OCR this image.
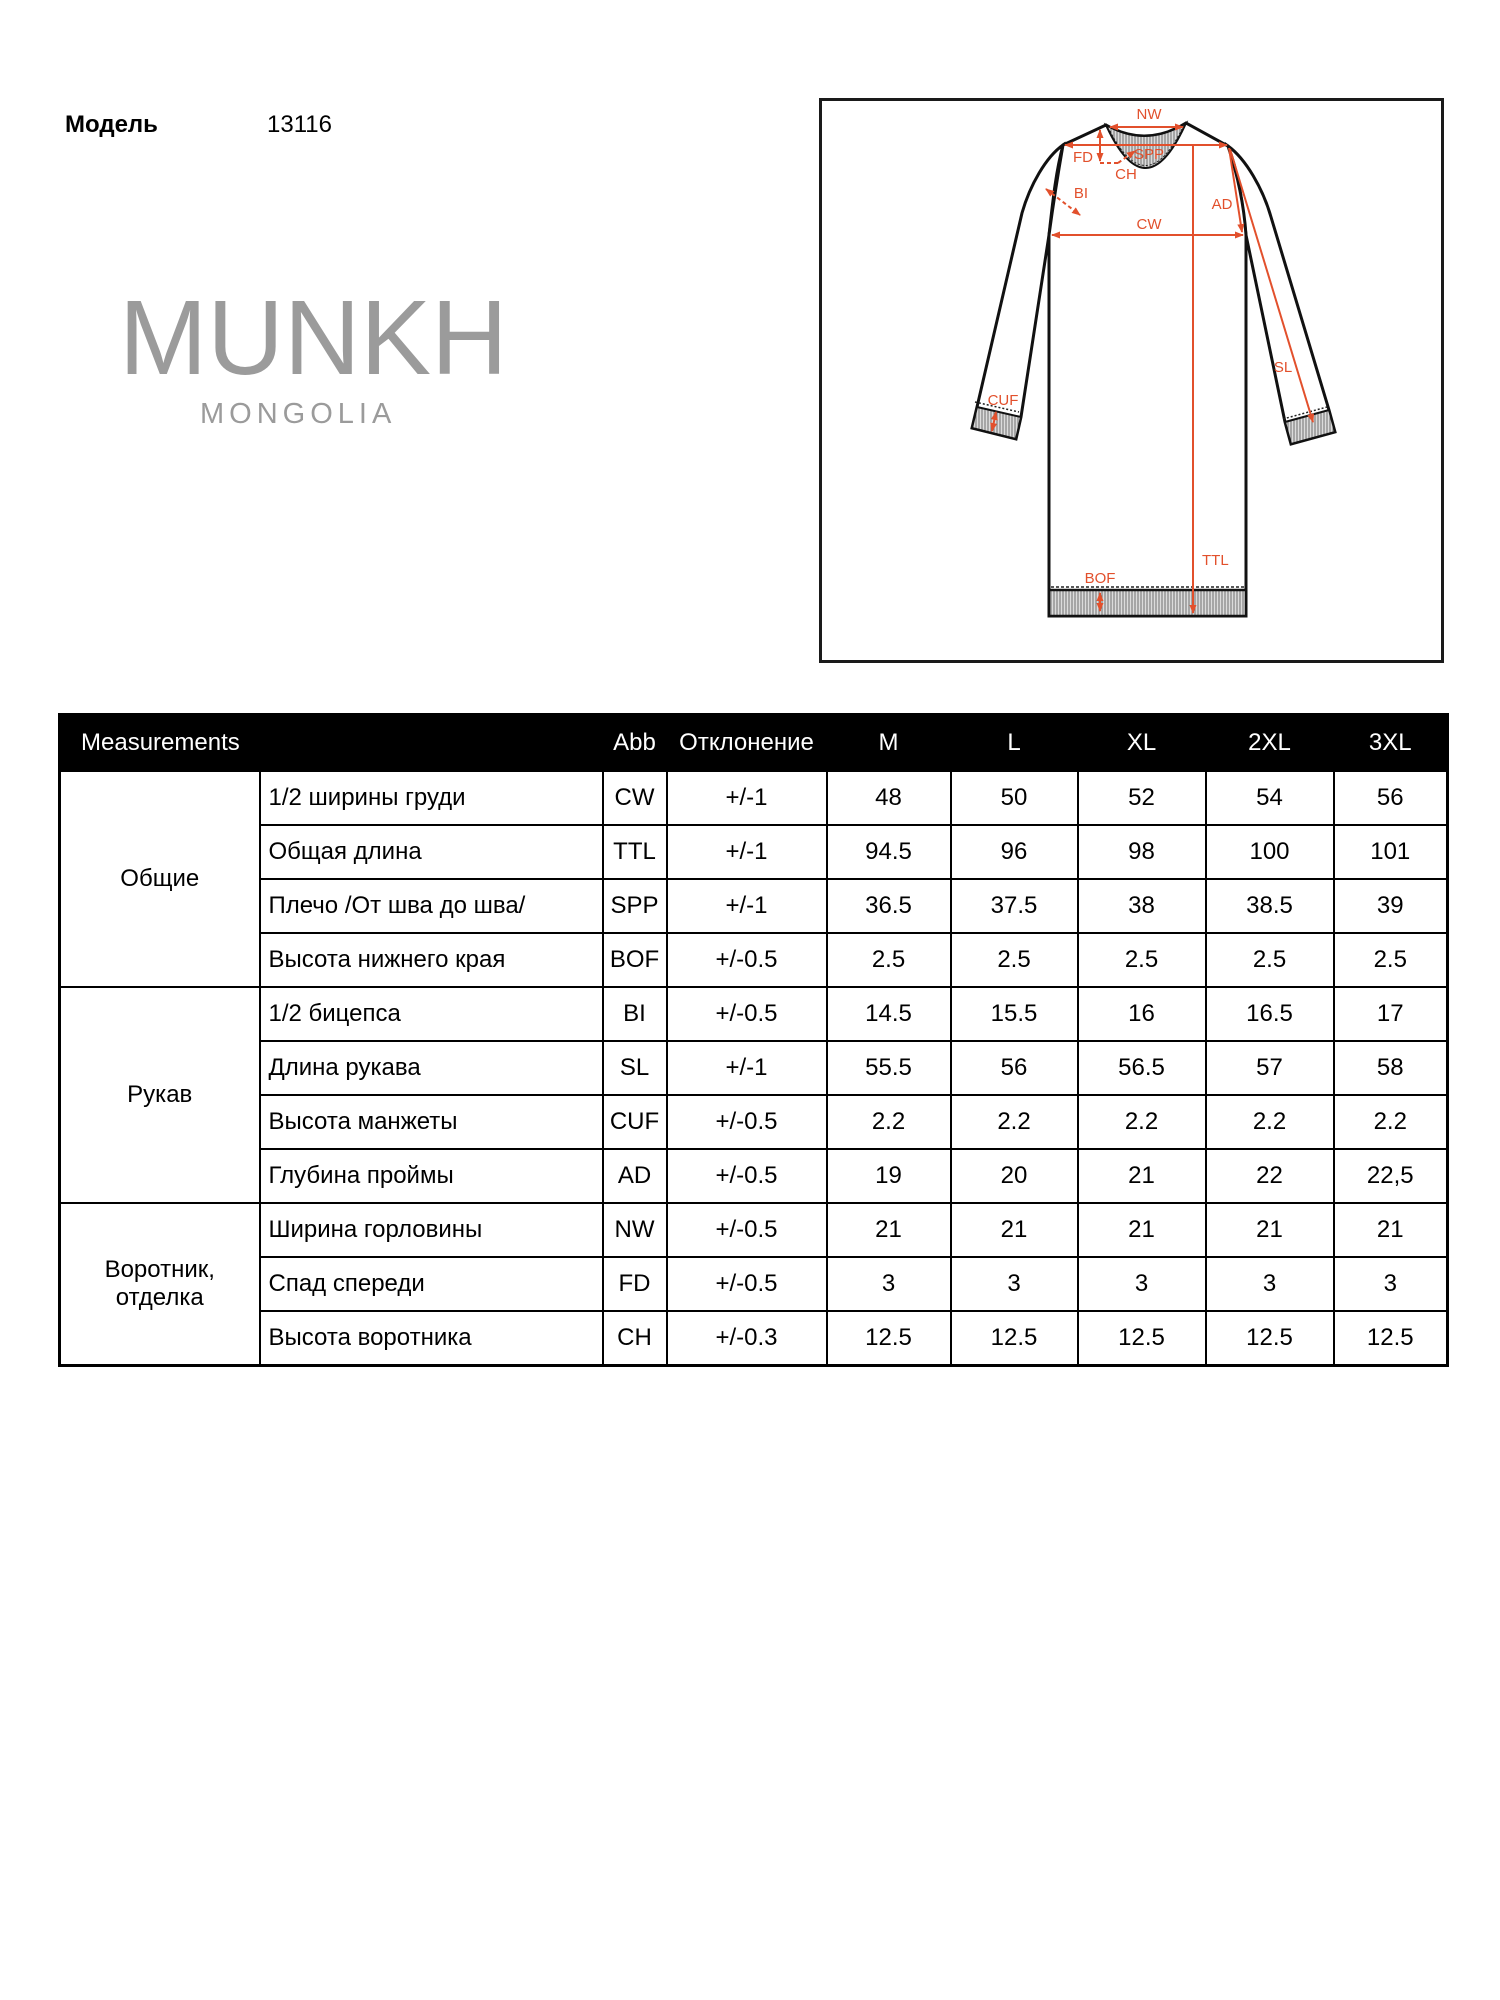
Модель	13116
MUNKH
MONGOLIA
NW
SPP
FD
CH
BI
AD
CW
SL
TTL
BOF
CUF
Measurements		Abb	Отклонение	M	L	XL	2XL	3XL
Общие	1/2 ширины груди	CW	+/-1	48	50	52	54	56
	Общая длина	TTL	+/-1	94.5	96	98	100	101
	Плечо /От шва до шва/	SPP	+/-1	36.5	37.5	38	38.5	39
	Высота нижнего края	BOF	+/-0.5	2.5	2.5	2.5	2.5	2.5
Рукав	1/2 бицепса	BI	+/-0.5	14.5	15.5	16	16.5	17
	Длина рукава	SL	+/-1	55.5	56	56.5	57	58
	Высота манжеты	CUF	+/-0.5	2.2	2.2	2.2	2.2	2.2
	Глубина проймы	AD	+/-0.5	19	20	21	22	22,5
Воротник, отделка	Ширина горловины	NW	+/-0.5	21	21	21	21	21
	Спад спереди	FD	+/-0.5	3	3	3	3	3
	Высота воротника	CH	+/-0.3	12.5	12.5	12.5	12.5	12.5
